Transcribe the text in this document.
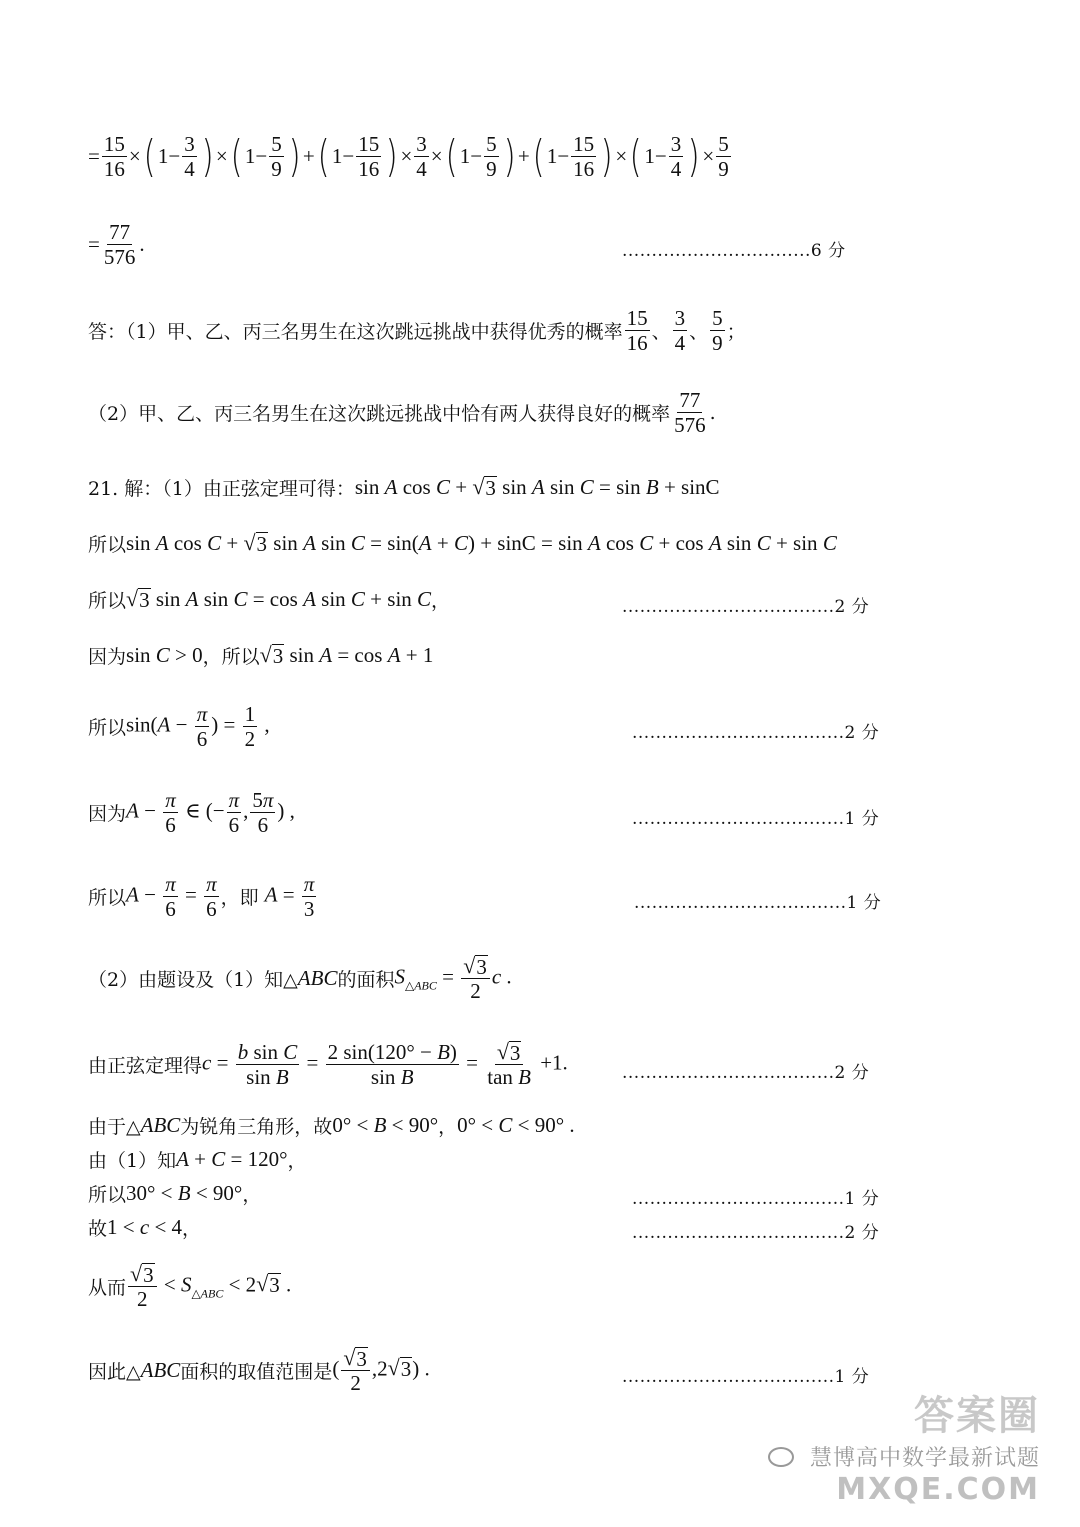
= $\frac{15}{16}$ × ( $1- \frac{3}{4}$ ) × ( $1- \frac{5}{9}$ ) + ( $1- \frac{15}{16}$ ) × $\frac{3}{4}$ × ( $1- \frac{5}{9}$ ) + ( $1- \frac{15}{16}$ ) × ( $1- \frac{3}{4}$ ) × $\frac{5}{9}$
= $\frac{77}{576}$ .	................................6 分
答：（1）甲、乙、丙三名男生在这次跳远挑战中获得优秀的概率 $\frac{15}{16}$ 、 $\frac{3}{4}$ 、 $\frac{5}{9}$ ；
（2）甲、乙、丙三名男生在这次跳远挑战中恰有两人获得良好的概率 $\frac{77}{576}$ .
21. 解：（1）由正弦定理可得： sin A cos C + √ 3 sin A sin C = sin B + sinC
所以 sin A cos C + √ 3 sin A sin C = sin(A + C) + sinC = sin A cos C + cos A sin C + sin C
所以 √ 3 sin A sin C = cos A sin C + sin C ，	....................................2 分
因为 sin C > 0 ， 所以 √ 3 sin A = cos A + 1
所以 $\sin(A - \frac{\pi}{6}$ ) = $\frac{1}{2}$ ,	....................................2 分
因为 $A - \frac{\pi}{6}$ ∈ (− $\frac{\pi}{6}$ , $\frac{5\pi}{6}$ ) ,	....................................1 分
所以 $A - \frac{\pi}{6} = \frac{\pi}{6}$ ， 即 $A = \frac{\pi}{3}$	....................................1 分
（2）由题设及（1）知△ ABC 的面积 $S_{\triangle ABC} = \frac{√ 3}{2}$ c .
由正弦定理得 $c = \frac{\text{b sin C}}{\text{sin B}} = \frac{2 \sin(120^\circ - B)}{\text{sin B}} = \frac{√ 3}{\text{tan B}} +1$.	....................................2 分
由于△ ABC 为锐角三角形，故 0° < B < 90° ， 0° < C < 90° .
由（1）知 A + C = 120° ，
所以 30° < B < 90° ，	....................................1 分
故 1 < c < 4 ，	....................................2 分
从而 $\frac{√ 3}{2} < S_{\triangle ABC} < 2$ √ 3 .
因此△ ABC 面积的取值范围是 ( $\frac{√ 3}{2} ,2$ √ 3 ) .	....................................1 分
答案圈
慧博高中数学最新试题
MXQE.COM
